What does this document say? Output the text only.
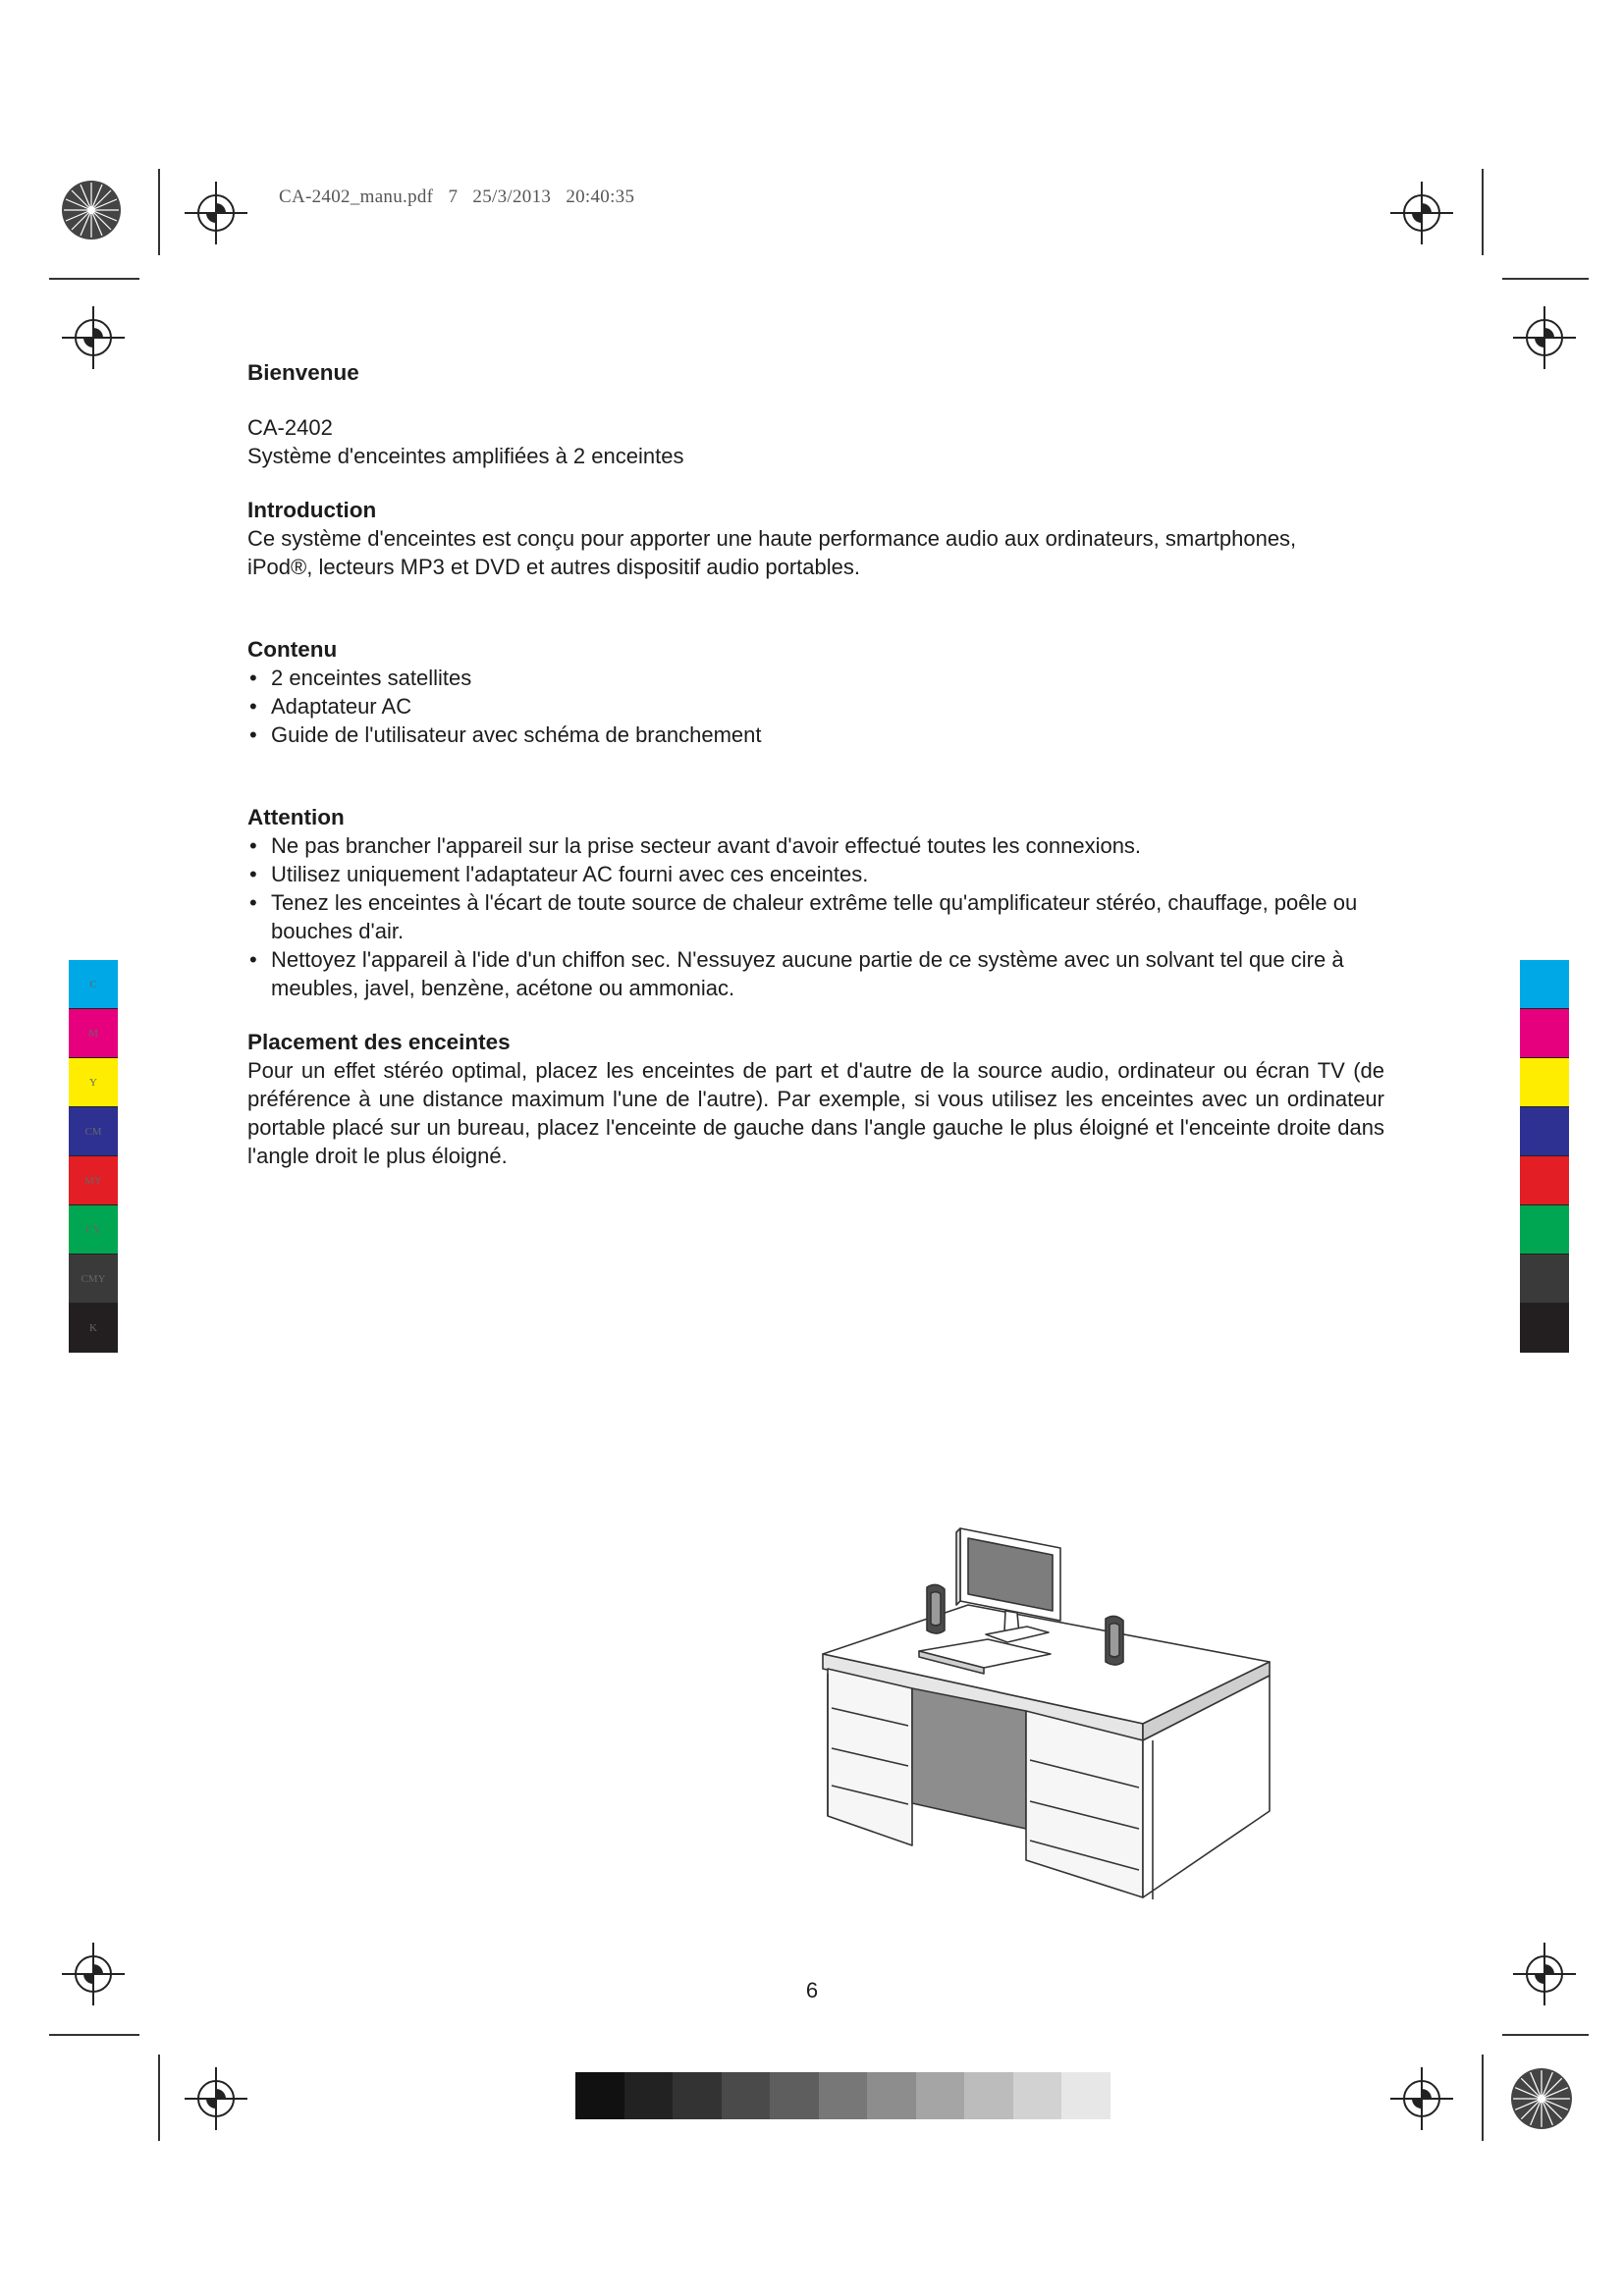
CA-2402_manu.pdf   7   25/3/2013   20:40:35
Bienvenue

CA-2402

Système d'enceintes amplifiées à 2 enceintes

Introduction

Ce système d'enceintes est conçu pour apporter une haute performance audio aux ordinateurs, smartphones,

iPod®, lecteurs MP3 et DVD et autres dispositif audio portables.

Contenu
• 2 enceintes satellites
• Adaptateur AC
• Guide de l'utilisateur avec schéma de branchement
Attention
• Ne pas brancher l'appareil sur la prise secteur avant d'avoir effectué toutes les connexions.
• Utilisez uniquement l'adaptateur AC fourni avec ces enceintes.
• Tenez les enceintes à l'écart de toute source de chaleur extrême telle qu'amplificateur stéréo, chauffage, poêle ou bouches d'air.
• Nettoyez l'appareil à l'ide d'un chiffon sec. N'essuyez aucune partie de ce système avec un solvant tel que cire à meubles, javel, benzène, acétone ou ammoniac.
Placement des enceintes

Pour un effet stéréo optimal, placez les enceintes de part et d'autre de la source audio, ordinateur ou écran TV (de préférence à une distance maximum l'une de l'autre). Par exemple, si vous utilisez les enceintes avec un ordinateur portable placé sur un bureau, placez l'enceinte de gauche dans l'angle gauche le plus éloigné et l'enceinte droite dans l'angle droit le plus éloigné.

C
M
Y
CM
MY
CY
CMY
K
6
